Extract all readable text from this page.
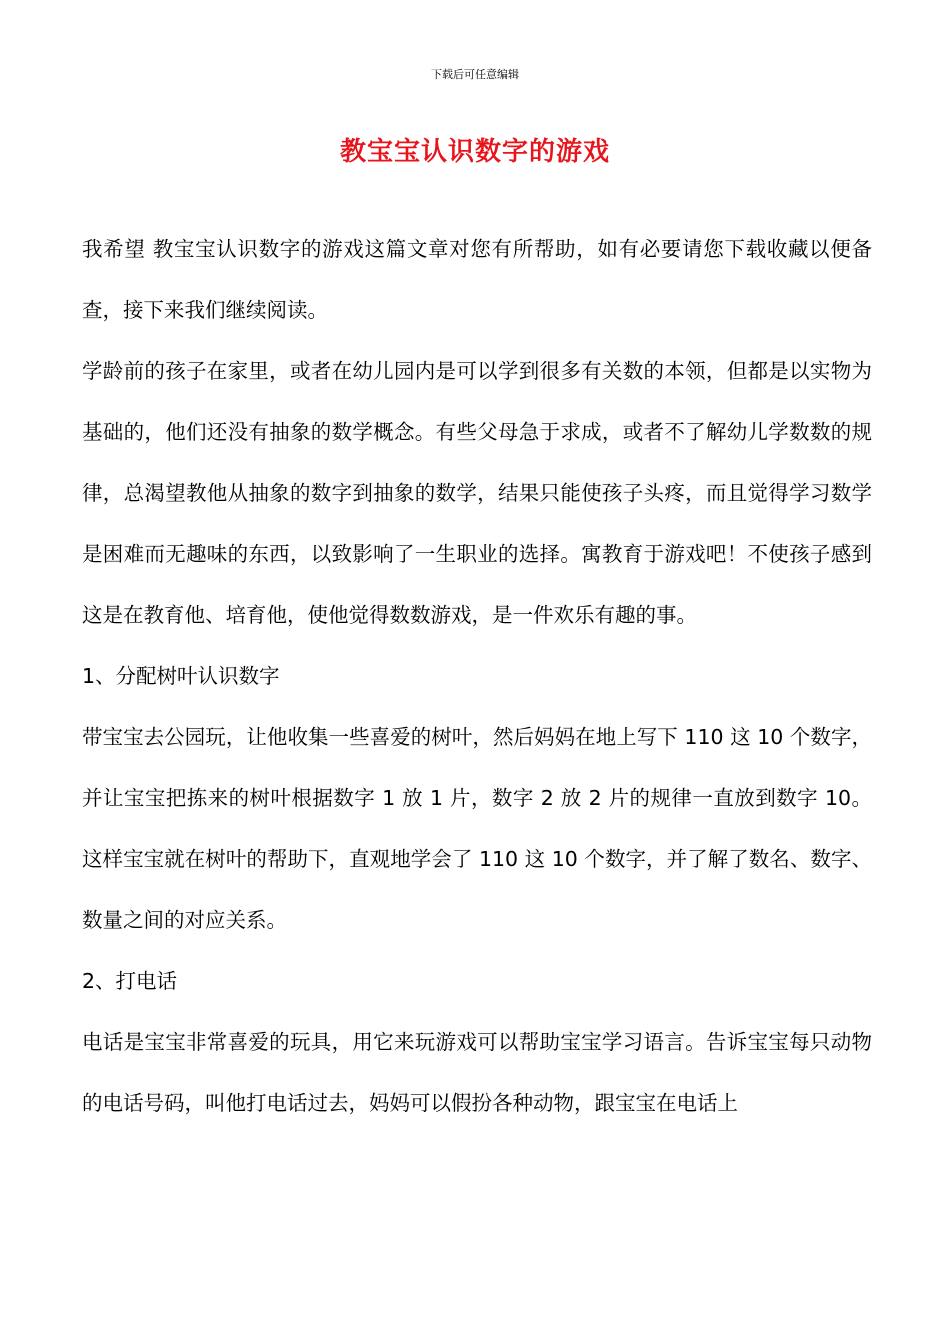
下载后可任意编辑
教宝宝认识数字的游戏

我希望 教宝宝认识数字的游戏这篇文章对您有所帮助，如有必要请您下载收藏以便备查，接下来我们继续阅读。

学龄前的孩子在家里，或者在幼儿园内是可以学到很多有关数的本领，但都是以实物为基础的，他们还没有抽象的数学概念。有些父母急于求成，或者不了解幼儿学数数的规律，总渴望教他从抽象的数字到抽象的数学，结果只能使孩子头疼，而且觉得学习数学是困难而无趣味的东西，以致影响了一生职业的选择。寓教育于游戏吧！不使孩子感到这是在教育他、培育他，使他觉得数数游戏，是一件欢乐有趣的事。

1、分配树叶认识数字

带宝宝去公园玩，让他收集一些喜爱的树叶，然后妈妈在地上写下 110 这 10 个数字，并让宝宝把拣来的树叶根据数字 1 放 1 片，数字 2 放 2 片的规律一直放到数字 10。这样宝宝就在树叶的帮助下，直观地学会了 110 这 10 个数字，并了解了数名、数字、数量之间的对应关系。

2、打电话

电话是宝宝非常喜爱的玩具，用它来玩游戏可以帮助宝宝学习语言。告诉宝宝每只动物的电话号码，叫他打电话过去，妈妈可以假扮各种动物，跟宝宝在电话上
